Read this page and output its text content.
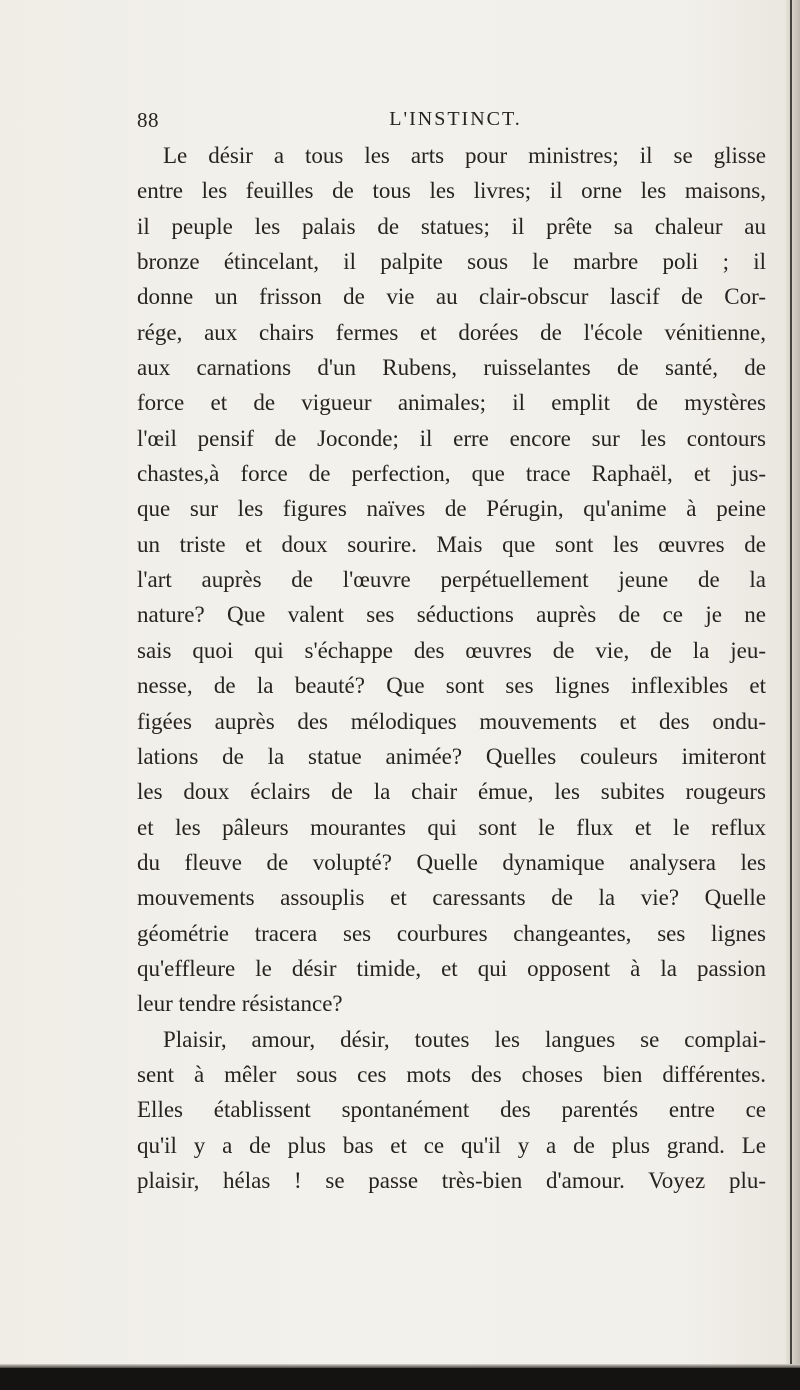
88	L'INSTINCT.
Le désir a tous les arts pour ministres; il se glisse
entre les feuilles de tous les livres; il orne les maisons,
il peuple les palais de statues; il prête sa chaleur au
bronze étincelant, il palpite sous le marbre poli ; il
donne un frisson de vie au clair-obscur lascif de Cor-
rége, aux chairs fermes et dorées de l'école vénitienne,
aux carnations d'un Rubens, ruisselantes de santé, de
force et de vigueur animales; il emplit de mystères
l'œil pensif de Joconde; il erre encore sur les contours
chastes,à force de perfection, que trace Raphaël, et jus-
que sur les figures naïves de Pérugin, qu'anime à peine
un triste et doux sourire. Mais que sont les œuvres de
l'art auprès de l'œuvre perpétuellement jeune de la
nature? Que valent ses séductions auprès de ce je ne
sais quoi qui s'échappe des œuvres de vie, de la jeu-
nesse, de la beauté? Que sont ses lignes inflexibles et
figées auprès des mélodiques mouvements et des ondu-
lations de la statue animée? Quelles couleurs imiteront
les doux éclairs de la chair émue, les subites rougeurs
et les pâleurs mourantes qui sont le flux et le reflux
du fleuve de volupté? Quelle dynamique analysera les
mouvements assouplis et caressants de la vie? Quelle
géométrie tracera ses courbures changeantes, ses lignes
qu'effleure le désir timide, et qui opposent à la passion
leur tendre résistance?
Plaisir, amour, désir, toutes les langues se complai-
sent à mêler sous ces mots des choses bien différentes.
Elles établissent spontanément des parentés entre ce
qu'il y a de plus bas et ce qu'il y a de plus grand. Le
plaisir, hélas ! se passe très-bien d'amour. Voyez plu-
